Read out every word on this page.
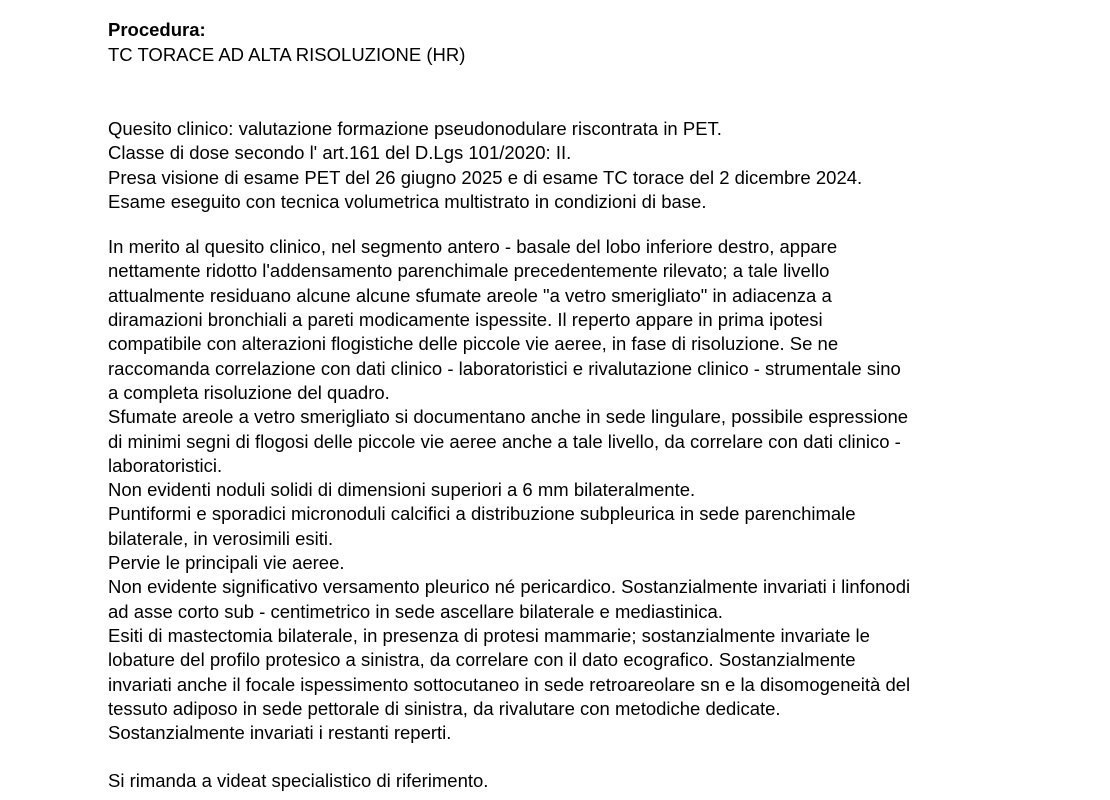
Procedura:
TC TORACE AD ALTA RISOLUZIONE (HR)
Quesito clinico: valutazione formazione pseudonodulare riscontrata in PET.
Classe di dose secondo l' art.161 del D.Lgs 101/2020: II.
Presa visione di esame PET del 26 giugno 2025 e di esame TC torace del 2 dicembre 2024.
Esame eseguito con tecnica volumetrica multistrato in condizioni di base.
In merito al quesito clinico, nel segmento antero - basale del lobo inferiore destro, appare
nettamente ridotto l'addensamento parenchimale precedentemente rilevato; a tale livello
attualmente residuano alcune alcune sfumate areole "a vetro smerigliato" in adiacenza a
diramazioni bronchiali a pareti modicamente ispessite. Il reperto appare in prima ipotesi
compatibile con alterazioni flogistiche delle piccole vie aeree, in fase di risoluzione. Se ne
raccomanda correlazione con dati clinico - laboratoristici e rivalutazione clinico - strumentale sino
a completa risoluzione del quadro.
Sfumate areole a vetro smerigliato si documentano anche in sede lingulare, possibile espressione
di minimi segni di flogosi delle piccole vie aeree anche a tale livello, da correlare con dati clinico -
laboratoristici.
Non evidenti noduli solidi di dimensioni superiori a 6 mm bilateralmente.
Puntiformi e sporadici micronoduli calcifici a distribuzione subpleurica in sede parenchimale
bilaterale, in verosimili esiti.
Pervie le principali vie aeree.
Non evidente significativo versamento pleurico né pericardico. Sostanzialmente invariati i linfonodi
ad asse corto sub - centimetrico in sede ascellare bilaterale e mediastinica.
Esiti di mastectomia bilaterale, in presenza di protesi mammarie; sostanzialmente invariate le
lobature del profilo protesico a sinistra, da correlare con il dato ecografico. Sostanzialmente
invariati anche il focale ispessimento sottocutaneo in sede retroareolare sn e la disomogeneità del
tessuto adiposo in sede pettorale di sinistra, da rivalutare con metodiche dedicate.
Sostanzialmente invariati i restanti reperti.
Si rimanda a videat specialistico di riferimento.
